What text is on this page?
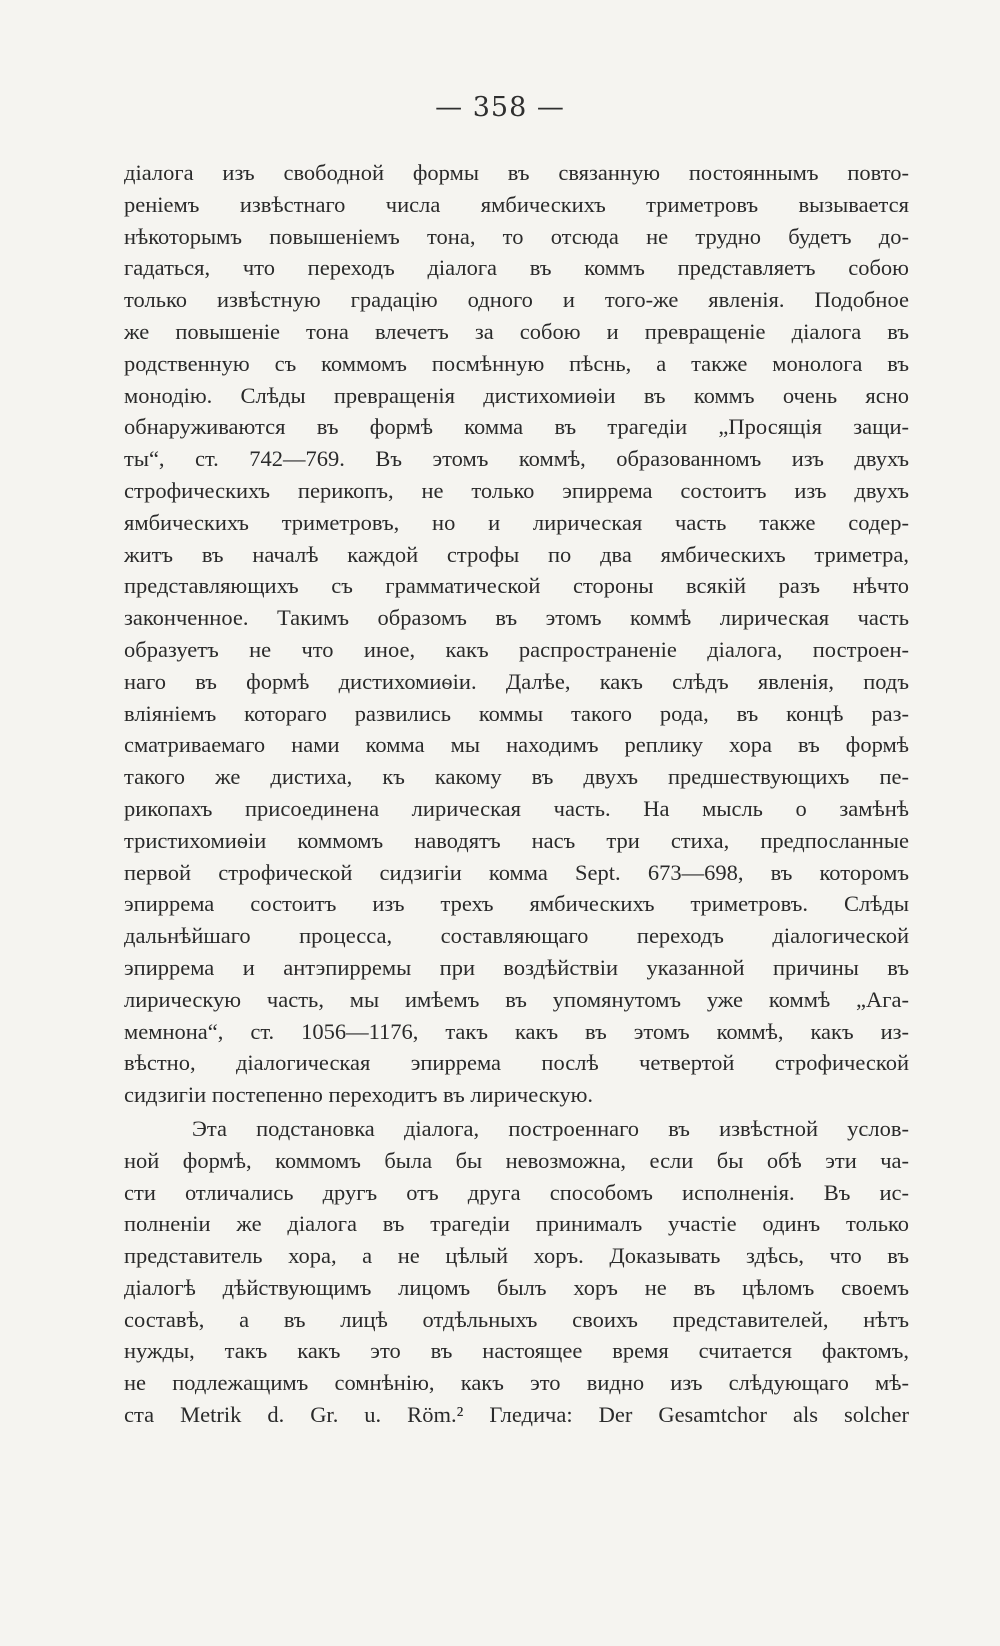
— 358 —
діалога изъ свободной формы въ связанную постояннымъ повто-
реніемъ извѣстнаго числа ямбическихъ триметровъ вызывается
нѣкоторымъ повышеніемъ тона, то отсюда не трудно будетъ до-
гадаться, что переходъ діалога въ коммъ представляетъ собою
только извѣстную градацію одного и того-же явленія. Подобное
же повышеніе тона влечетъ за собою и превращеніе діалога въ
родственную съ коммомъ посмѣнную пѣснь, а также монолога въ
монодію. Слѣды превращенія дистихомиѳіи въ коммъ очень ясно
обнаруживаются въ формѣ комма въ трагедіи „Просящія защи-
ты“, ст. 742—769. Въ этомъ коммѣ, образованномъ изъ двухъ
строфическихъ перикопъ, не только эпиррема состоитъ изъ двухъ
ямбическихъ триметровъ, но и лирическая часть также содер-
житъ въ началѣ каждой строфы по два ямбическихъ триметра,
представляющихъ съ грамматической стороны всякій разъ нѣчто
законченное. Такимъ образомъ въ этомъ коммѣ лирическая часть
образуетъ не что иное, какъ распространеніе діалога, построен-
наго въ формѣ дистихомиѳіи. Далѣе, какъ слѣдъ явленія, подъ
вліяніемъ котораго развились коммы такого рода, въ концѣ раз-
сматриваемаго нами комма мы находимъ реплику хора въ формѣ
такого же дистиха, къ какому въ двухъ предшествующихъ пе-
рикопахъ присоединена лирическая часть. На мысль о замѣнѣ
тристихомиѳіи коммомъ наводятъ насъ три стиха, предпосланные
первой строфической сидзигіи комма Sept. 673—698, въ которомъ
эпиррема состоитъ изъ трехъ ямбическихъ триметровъ. Слѣды
дальнѣйшаго процесса, составляющаго переходъ діалогической
эпиррема и антэпирремы при воздѣйствіи указанной причины въ
лирическую часть, мы имѣемъ въ упомянутомъ уже коммѣ „Ага-
мемнона“, ст. 1056—1176, такъ какъ въ этомъ коммѣ, какъ из-
вѣстно, діалогическая эпиррема послѣ четвертой строфической
сидзигіи постепенно переходитъ въ лирическую.
Эта подстановка діалога, построеннаго въ извѣстной услов-
ной формѣ, коммомъ была бы невозможна, если бы обѣ эти ча-
сти отличались другъ отъ друга способомъ исполненія. Въ ис-
полненіи же діалога въ трагедіи принималъ участіе одинъ только
представитель хора, а не цѣлый хоръ. Доказывать здѣсь, что въ
діалогѣ дѣйствующимъ лицомъ былъ хоръ не въ цѣломъ своемъ
составѣ, а въ лицѣ отдѣльныхъ своихъ представителей, нѣтъ
нужды, такъ какъ это въ настоящее время считается фактомъ,
не подлежащимъ сомнѣнію, какъ это видно изъ слѣдующаго мѣ-
ста Metrik d. Gr. u. Röm.² Гледича: Der Gesamtchor als solcher
